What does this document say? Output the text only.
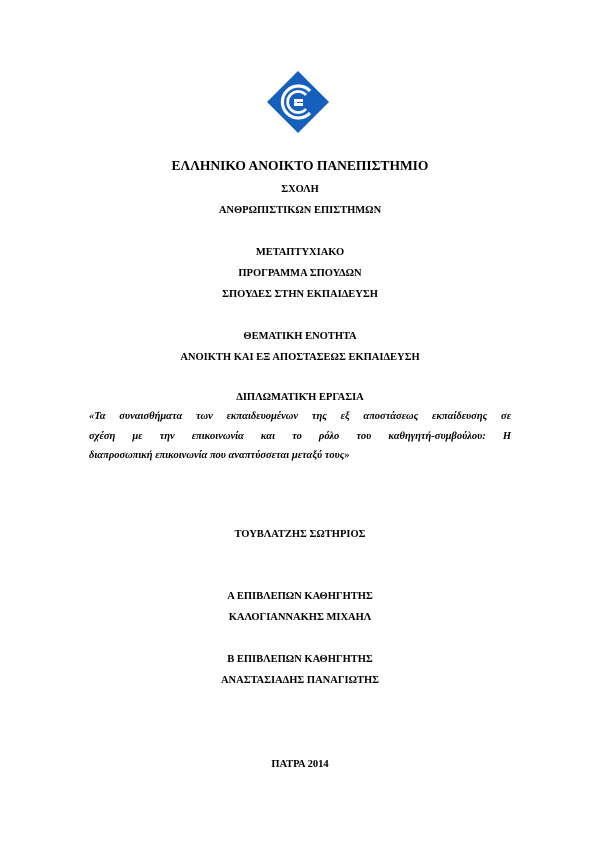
ΕΛΛΗΝΙΚΟ ΑΝΟΙΚΤΟ ΠΑΝΕΠΙΣΤΗΜΙΟ
ΣΧΟΛΗ
ΑΝΘΡΩΠΙΣΤΙΚΩΝ ΕΠΙΣΤΗΜΩΝ
ΜΕΤΑΠΤΥΧΙΑΚΟ
ΠΡΟΓΡΑΜΜΑ ΣΠΟΥΔΩΝ
ΣΠΟΥΔΕΣ ΣΤΗΝ ΕΚΠΑΙΔΕΥΣΗ
ΘΕΜΑΤΙΚΗ ΕΝΟΤΗΤΑ
ΑΝΟΙΚΤΗ ΚΑΙ ΕΞ ΑΠΟΣΤΑΣΕΩΣ ΕΚΠΑΙΔΕΥΣΗ
ΔΙΠΛΩΜΑΤΙΚΉ ΕΡΓΑΣΙΑ
«Τα συναισθήματα των εκπαιδευομένων της εξ αποστάσεως εκπαίδευσης σε
σχέση με την επικοινωνία και το ρόλο του καθηγητή-συμβούλου: Η
διαπροσωπική επικοινωνία που αναπτύσσεται μεταξύ τους»
ΤΟΥΒΛΑΤΖΗΣ ΣΩΤΗΡΙΟΣ
Α ΕΠΙΒΛΕΠΩΝ ΚΑΘΗΓΗΤΗΣ
ΚΑΛΟΓΙΑΝΝΑΚΗΣ ΜΙΧΑΗΛ
Β ΕΠΙΒΛΕΠΩΝ ΚΑΘΗΓΗΤΗΣ
ΑΝΑΣΤΑΣΙΑΔΗΣ ΠΑΝΑΓΙΩΤΗΣ
ΠΑΤΡΑ 2014
